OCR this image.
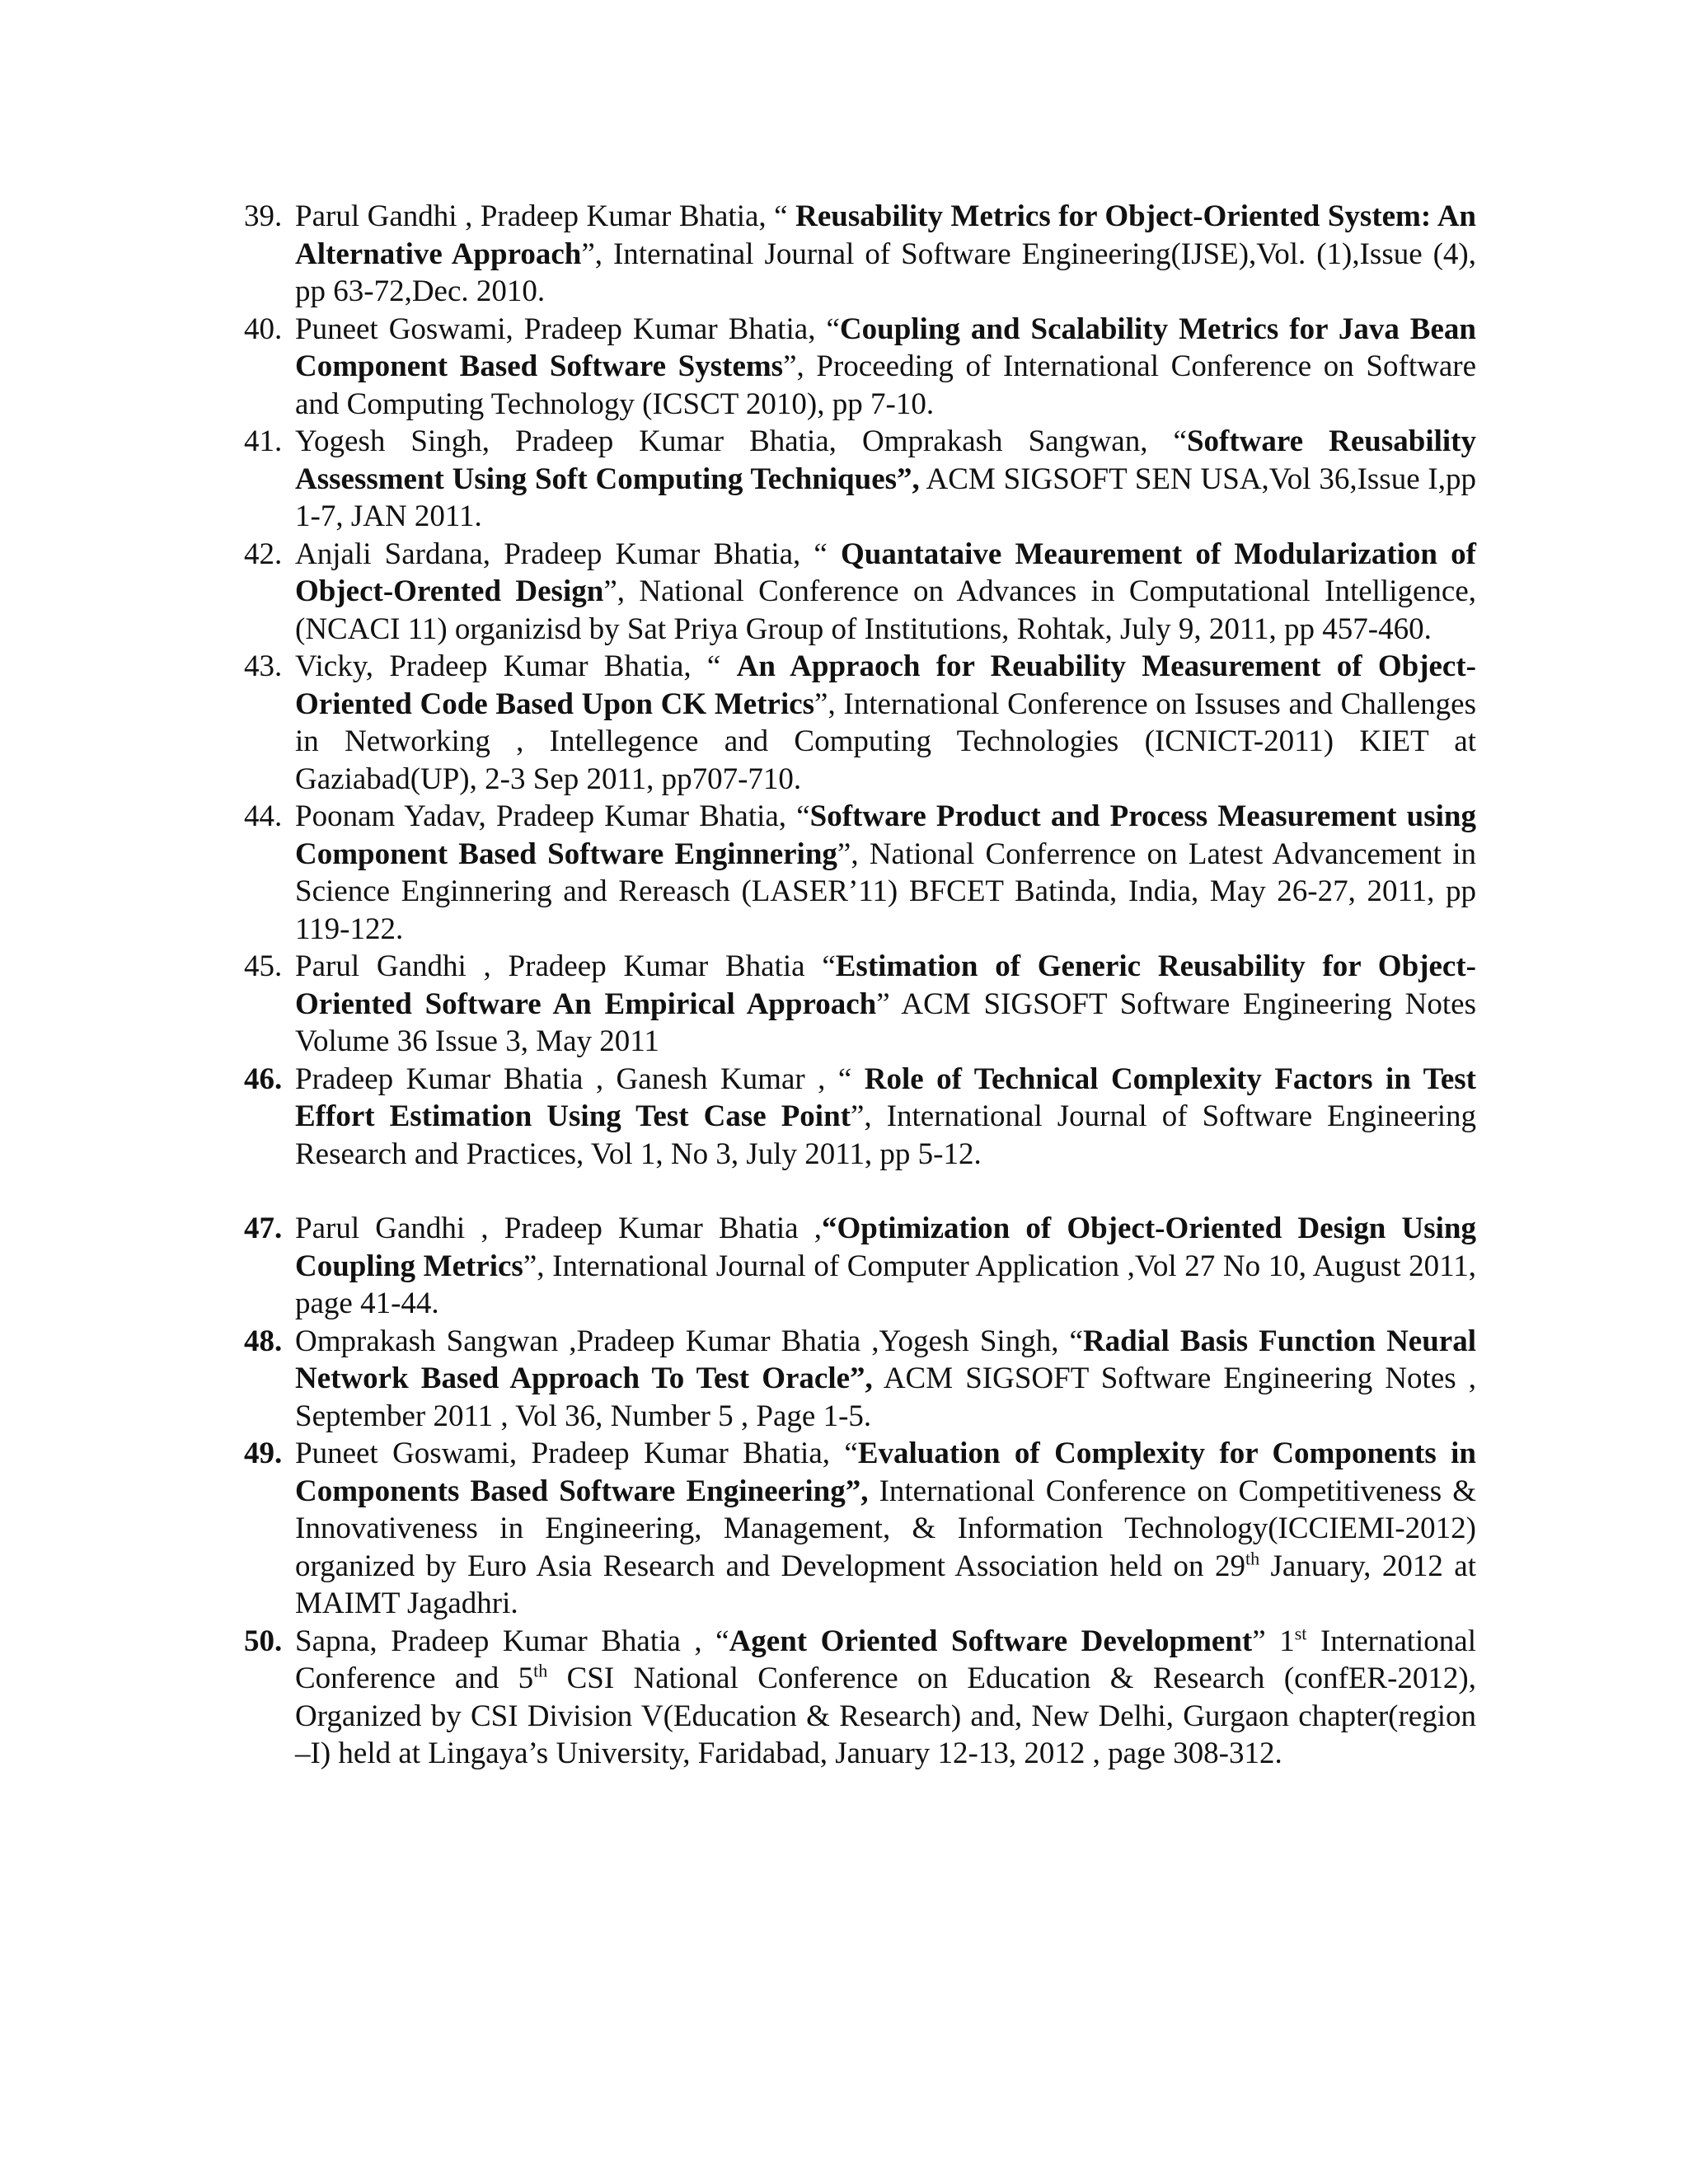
39. Parul Gandhi , Pradeep Kumar Bhatia, “ Reusability Metrics for Object-Oriented System: An Alternative Approach”, Internatinal Journal of Software Engineering(IJSE),Vol. (1),Issue (4), pp 63-72,Dec. 2010.
40. Puneet Goswami, Pradeep Kumar Bhatia, “Coupling and Scalability Metrics for Java Bean Component Based Software Systems”, Proceeding of International Conference on Software and Computing Technology (ICSCT 2010), pp 7-10.
41. Yogesh Singh, Pradeep Kumar Bhatia, Omprakash Sangwan, “Software Reusability Assessment Using Soft Computing Techniques”, ACM SIGSOFT SEN USA,Vol 36,Issue I,pp 1-7, JAN 2011.
42. Anjali Sardana, Pradeep Kumar Bhatia, “ Quantataive Meaurement of Modularization of Object-Orented Design”, National Conference on Advances in Computational Intelligence,(NCACI 11) organizisd by Sat Priya Group of Institutions, Rohtak, July 9, 2011, pp 457-460.
43. Vicky, Pradeep Kumar Bhatia, “ An Appraoch for Reuability Measurement of Object-Oriented Code Based Upon CK Metrics”, International Conference on Issuses and Challenges in Networking , Intellegence and Computing Technologies (ICNICT-2011) KIET at Gaziabad(UP), 2-3 Sep 2011, pp707-710.
44. Poonam Yadav, Pradeep Kumar Bhatia, “Software Product and Process Measurement using Component Based Software Enginnering”, National Conferrence on Latest Advancement in Science Enginnering and Rereasch (LASER’11) BFCET Batinda, India, May 26-27, 2011, pp 119-122.
45. Parul Gandhi , Pradeep Kumar Bhatia “Estimation of Generic Reusability for Object-Oriented Software An Empirical Approach” ACM SIGSOFT Software Engineering Notes Volume 36 Issue 3, May 2011
46. Pradeep Kumar Bhatia , Ganesh Kumar , “ Role of Technical Complexity Factors in Test Effort Estimation Using Test Case Point”, International Journal of Software Engineering Research and Practices, Vol 1, No 3, July 2011, pp 5-12.
47. Parul Gandhi , Pradeep Kumar Bhatia ,“Optimization of Object-Oriented Design Using Coupling Metrics”, International Journal of Computer Application ,Vol 27 No 10, August 2011, page 41-44.
48. Omprakash Sangwan ,Pradeep Kumar Bhatia ,Yogesh Singh, “Radial Basis Function Neural Network Based Approach To Test Oracle”, ACM SIGSOFT Software Engineering Notes , September 2011 , Vol 36, Number 5 , Page 1-5.
49. Puneet Goswami, Pradeep Kumar Bhatia, “Evaluation of Complexity for Components in Components Based Software Engineering”, International Conference on Competitiveness & Innovativeness in Engineering, Management, & Information Technology(ICCIEMI-2012) organized by Euro Asia Research and Development Association held on 29th January, 2012 at MAIMT Jagadhri.
50. Sapna, Pradeep Kumar Bhatia , “Agent Oriented Software Development” 1st International Conference and 5th CSI National Conference on Education & Research (confER-2012), Organized by CSI Division V(Education & Research) and, New Delhi, Gurgaon chapter(region –I) held at Lingaya’s University, Faridabad, January 12-13, 2012 , page 308-312.
